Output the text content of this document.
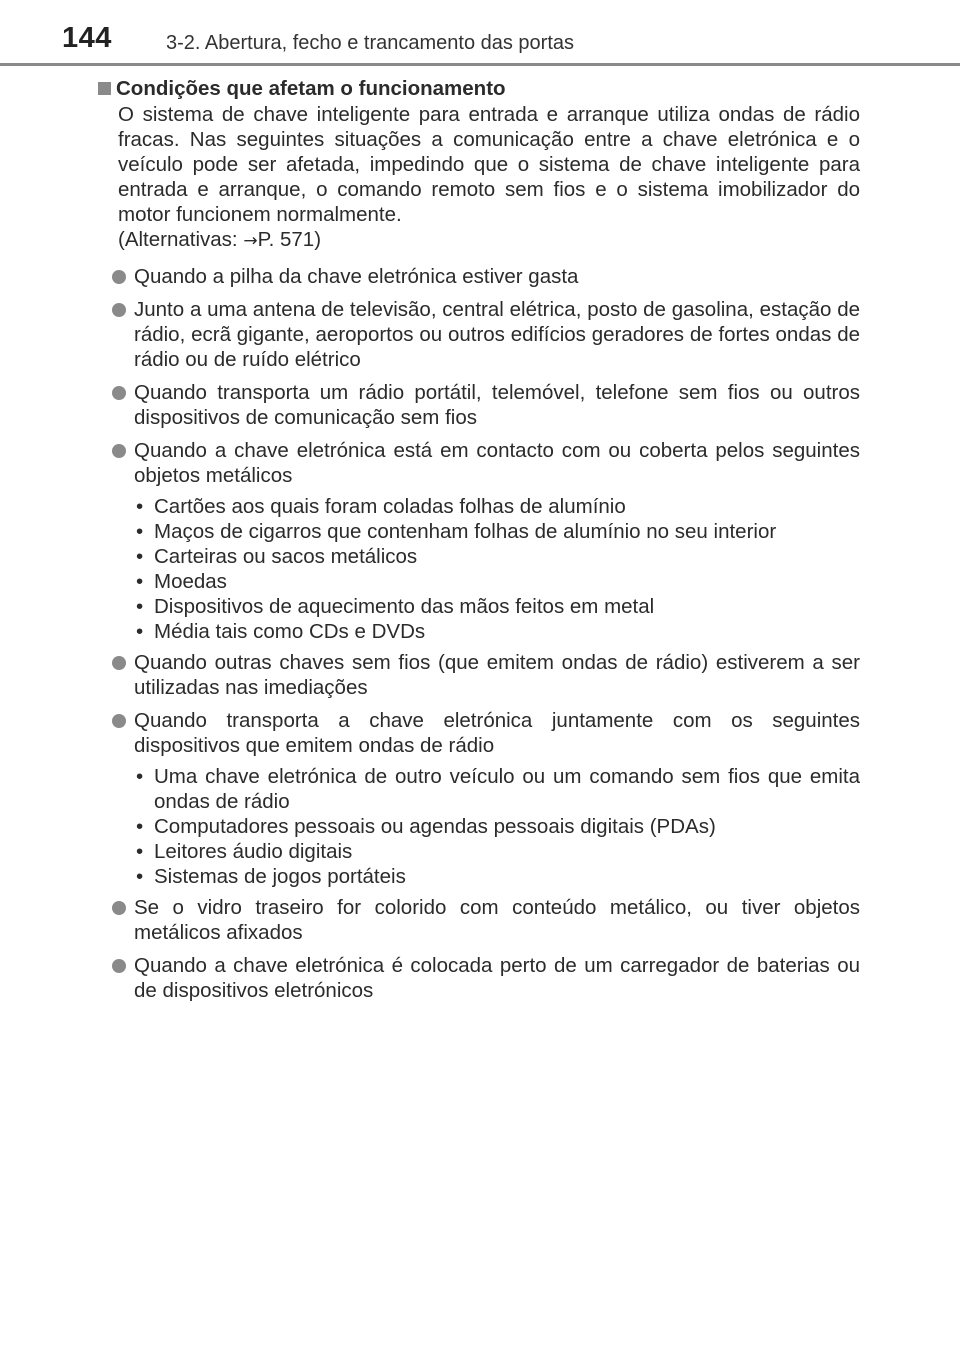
144	3-2. Abertura, fecho e trancamento das portas
Condições que afetam o funcionamento
O sistema de chave inteligente para entrada e arranque utiliza ondas de rádio fracas. Nas seguintes situações a comunicação entre a chave eletrónica e o veículo pode ser afetada, impedindo que o sistema de chave inteligente para entrada e arranque, o comando remoto sem fios e o sistema imobilizador do motor funcionem normalmente.
(Alternativas: →P. 571)
Quando a pilha da chave eletrónica estiver gasta
Junto a uma antena de televisão, central elétrica, posto de gasolina, estação de rádio, ecrã gigante, aeroportos ou outros edifícios geradores de fortes ondas de rádio ou de ruído elétrico
Quando transporta um rádio portátil, telemóvel, telefone sem fios ou outros dispositivos de comunicação sem fios
Quando a chave eletrónica está em contacto com ou coberta pelos seguintes objetos metálicos
• Cartões aos quais foram coladas folhas de alumínio
• Maços de cigarros que contenham folhas de alumínio no seu interior
• Carteiras ou sacos metálicos
• Moedas
• Dispositivos de aquecimento das mãos feitos em metal
• Média tais como CDs e DVDs
Quando outras chaves sem fios (que emitem ondas de rádio) estiverem a ser utilizadas nas imediações
Quando transporta a chave eletrónica juntamente com os seguintes dispositivos que emitem ondas de rádio
• Uma chave eletrónica de outro veículo ou um comando sem fios que emita ondas de rádio
• Computadores pessoais ou agendas pessoais digitais (PDAs)
• Leitores áudio digitais
• Sistemas de jogos portáteis
Se o vidro traseiro for colorido com conteúdo metálico, ou tiver objetos metálicos afixados
Quando a chave eletrónica é colocada perto de um carregador de baterias ou de dispositivos eletrónicos
